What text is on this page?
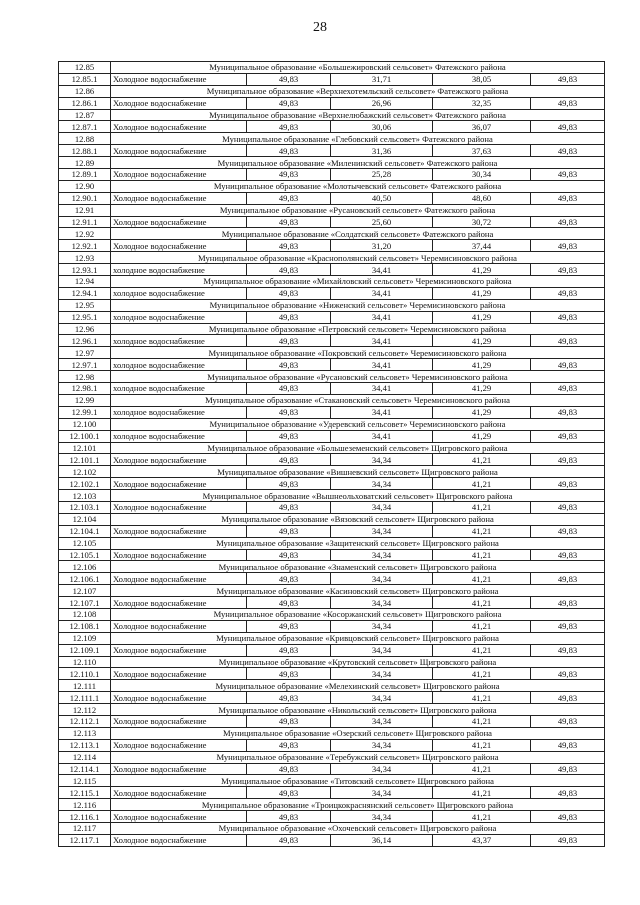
28
12.85	Муниципальное образование «Большежировский сельсовет» Фатежского района				
12.85.1	Холодное водоснабжение	49,83	31,71	38,05	49,83
12.86	Муниципальное образование «Верхнехотемльский сельсовет» Фатежского района				
12.86.1	Холодное водоснабжение	49,83	26,96	32,35	49,83
12.87	Муниципальное образование «Верхнелюбажский сельсовет» Фатежского района				
12.87.1	Холодное водоснабжение	49,83	30,06	36,07	49,83
12.88	Муниципальное образование «Глебовский сельсовет» Фатежского района				
12.88.1	Холодное водоснабжение	49,83	31,36	37,63	49,83
12.89	Муниципальное образование «Миленинский сельсовет» Фатежского района				
12.89.1	Холодное водоснабжение	49,83	25,28	30,34	49,83
12.90	Муниципальное образование «Молотычевский сельсовет» Фатежского района				
12.90.1	Холодное водоснабжение	49,83	40,50	48,60	49,83
12.91	Муниципальное образование «Русановский сельсовет» Фатежского района				
12.91.1	Холодное водоснабжение	49,83	25,60	30,72	49,83
12.92	Муниципальное образование «Солдатский сельсовет» Фатежского района				
12.92.1	Холодное водоснабжение	49,83	31,20	37,44	49,83
12.93	Муниципальное образование «Краснополянский сельсовет» Черемисиновского района				
12.93.1	холодное водоснабжение	49,83	34,41	41,29	49,83
12.94	Муниципальное образование «Михайловский сельсовет» Черемисиновского района				
12.94.1	холодное водоснабжение	49,83	34,41	41,29	49,83
12.95	Муниципальное образование «Ниженский сельсовет» Черемисиновского района				
12.95.1	холодное водоснабжение	49,83	34,41	41,29	49,83
12.96	Муниципальное образование «Петровский сельсовет» Черемисиновского района				
12.96.1	холодное водоснабжение	49,83	34,41	41,29	49,83
12.97	Муниципальное образование «Покровский сельсовет» Черемисиновского района				
12.97.1	холодное водоснабжение	49,83	34,41	41,29	49,83
12.98	Муниципальное образование «Русановский сельсовет» Черемисиновского района				
12.98.1	холодное водоснабжение	49,83	34,41	41,29	49,83
12.99	Муниципальное образование «Стакановский сельсовет» Черемисиновского района				
12.99.1	холодное водоснабжение	49,83	34,41	41,29	49,83
12.100	Муниципальное образование «Удеревский сельсовет» Черемисиновского района				
12.100.1	холодное водоснабжение	49,83	34,41	41,29	49,83
12.101	Муниципальное образование «Большеземенский сельсовет» Щигровского района				
12.101.1	Холодное водоснабжение	49,83	34,34	41,21	49,83
12.102	Муниципальное образование «Вишневский сельсовет» Щигровского района				
12.102.1	Холодное водоснабжение	49,83	34,34	41,21	49,83
12.103	Муниципальное образование «Вышнеольховатский сельсовет» Щигровского района				
12.103.1	Холодное водоснабжение	49,83	34,34	41,21	49,83
12.104	Муниципальное образование «Вязовский сельсовет» Щигровского района				
12.104.1	Холодное водоснабжение	49,83	34,34	41,21	49,83
12.105	Муниципальное образование «Защитенский сельсовет» Щигровского района				
12.105.1	Холодное водоснабжение	49,83	34,34	41,21	49,83
12.106	Муниципальное образование «Знаменский сельсовет» Щигровского района				
12.106.1	Холодное водоснабжение	49,83	34,34	41,21	49,83
12.107	Муниципальное образование «Касиновский сельсовет» Щигровского района				
12.107.1	Холодное водоснабжение	49,83	34,34	41,21	49,83
12.108	Муниципальное образование «Косоржанский сельсовет» Щигровского района				
12.108.1	Холодное водоснабжение	49,83	34,34	41,21	49,83
12.109	Муниципальное образование «Кривцовский сельсовет» Щигровского района				
12.109.1	Холодное водоснабжение	49,83	34,34	41,21	49,83
12.110	Муниципальное образование «Крутовский сельсовет» Щигровского района				
12.110.1	Холодное водоснабжение	49,83	34,34	41,21	49,83
12.111	Муниципальное образование «Мелехинский сельсовет» Щигровского района				
12.111.1	Холодное водоснабжение	49,83	34,34	41,21	49,83
12.112	Муниципальное образование «Никольский сельсовет» Щигровского района				
12.112.1	Холодное водоснабжение	49,83	34,34	41,21	49,83
12.113	Муниципальное образование «Озерский сельсовет» Щигровского района				
12.113.1	Холодное водоснабжение	49,83	34,34	41,21	49,83
12.114	Муниципальное образование «Теребужский сельсовет» Щигровского района				
12.114.1	Холодное водоснабжение	49,83	34,34	41,21	49,83
12.115	Муниципальное образование «Титовский сельсовет» Щигровского района				
12.115.1	Холодное водоснабжение	49,83	34,34	41,21	49,83
12.116	Муниципальное образование «Троицкокраснянский сельсовет» Щигровского района				
12.116.1	Холодное водоснабжение	49,83	34,34	41,21	49,83
12.117	Муниципальное образование «Охочевский сельсовет» Щигровского района				
12.117.1	Холодное водоснабжение	49,83	36,14	43,37	49,83
